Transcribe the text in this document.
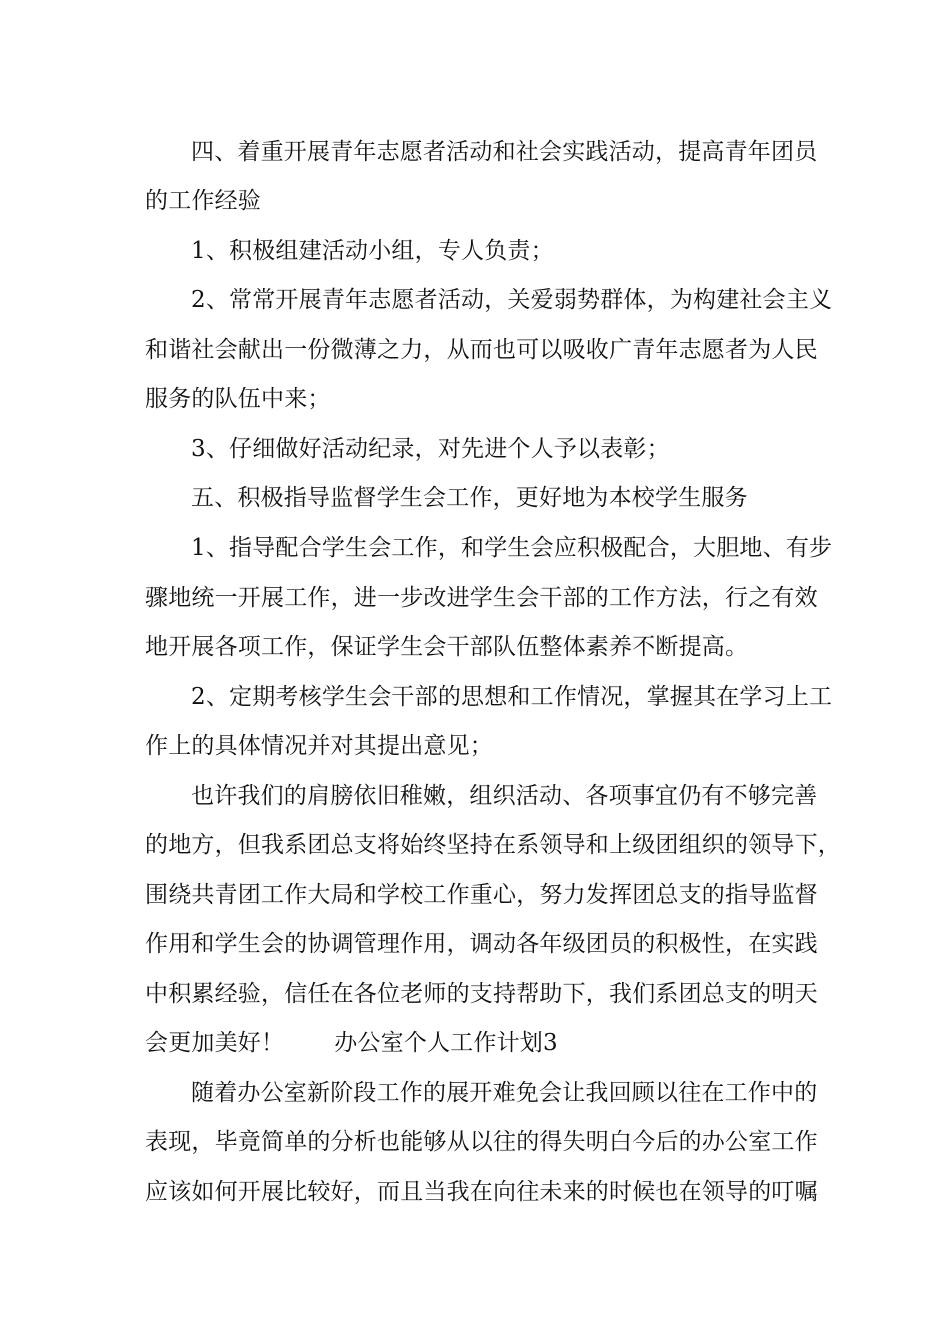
四、着重开展青年志愿者活动和社会实践活动，提高青年团员
的工作经验
1、积极组建活动小组，专人负责；
2、常常开展青年志愿者活动，关爱弱势群体，为构建社会主义
和谐社会献出一份微薄之力，从而也可以吸收广青年志愿者为人民
服务的队伍中来；
3、仔细做好活动纪录，对先进个人予以表彰；
五、积极指导监督学生会工作，更好地为本校学生服务
1、指导配合学生会工作，和学生会应积极配合，大胆地、有步
骤地统一开展工作，进一步改进学生会干部的工作方法，行之有效
地开展各项工作，保证学生会干部队伍整体素养不断提高。
2、定期考核学生会干部的思想和工作情况，掌握其在学习上工
作上的具体情况并对其提出意见；
也许我们的肩膀依旧稚嫩，组织活动、各项事宜仍有不够完善
的地方，但我系团总支将始终坚持在系领导和上级团组织的领导下，
围绕共青团工作大局和学校工作重心，努力发挥团总支的指导监督
作用和学生会的协调管理作用，调动各年级团员的积极性，在实践
中积累经验，信任在各位老师的支持帮助下，我们系团总支的明天
会更加美好！ 办公室个人工作计划3
随着办公室新阶段工作的展开难免会让我回顾以往在工作中的
表现，毕竟简单的分析也能够从以往的得失明白今后的办公室工作
应该如何开展比较好，而且当我在向往未来的时候也在领导的叮嘱
